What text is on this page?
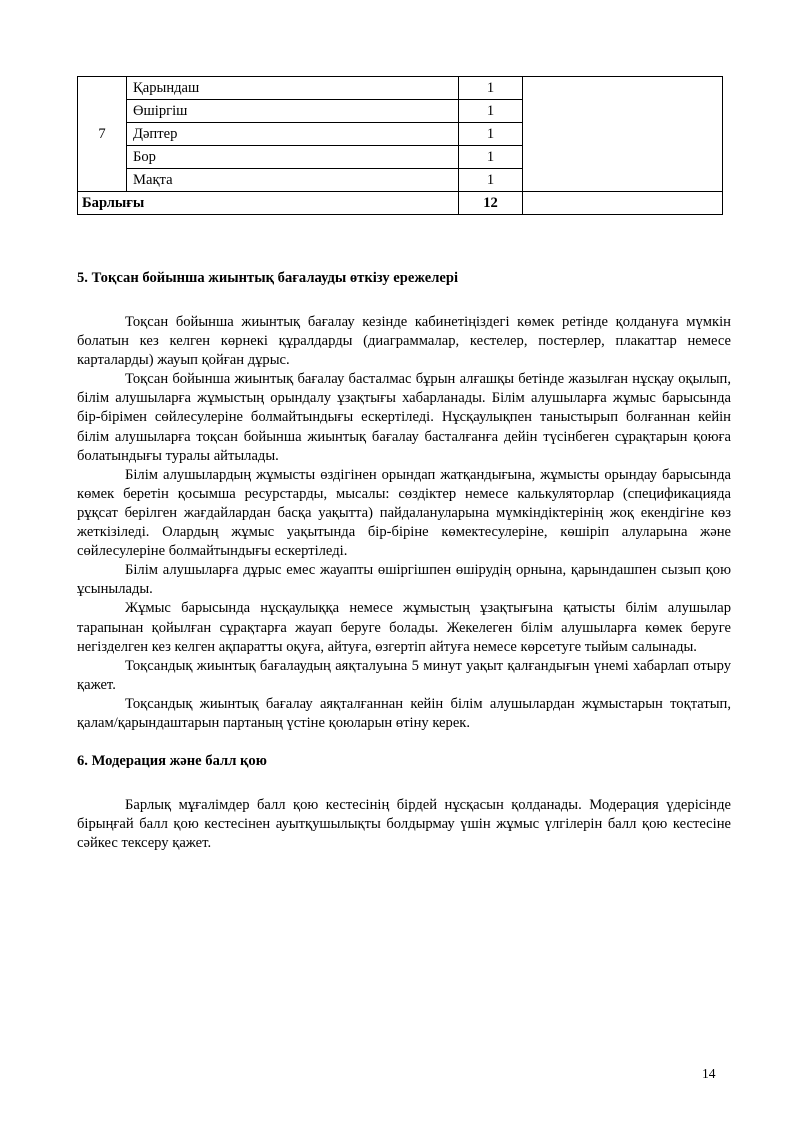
7	Қарындаш	1	
	Өшіргіш	1	
	Дәптер	1	
	Бор	1	
	Мақта	1	
Барлығы		12	

5. Тоқсан бойынша жиынтық бағалауды өткізу ережелері

Тоқсан бойынша жиынтық бағалау кезінде кабинетіңіздегі көмек ретінде қолдануға мүмкін болатын кез келген көрнекі құралдарды (диаграммалар, кестелер, постерлер, плакаттар немесе карталарды) жауып қойған дұрыс.

Тоқсан бойынша жиынтық бағалау басталмас бұрын алғашқы бетінде жазылған нұсқау оқылып, білім алушыларға жұмыстың орындалу ұзақтығы хабарланады. Білім алушыларға жұмыс барысында бір-бірімен сөйлесулеріне болмайтындығы ескертіледі. Нұсқаулықпен таныстырып болғаннан кейін білім алушыларға тоқсан бойынша жиынтық бағалау басталғанға дейін түсінбеген сұрақтарын қоюға болатындығы туралы айтылады.

Білім алушылардың жұмысты өздігінен орындап жатқандығына, жұмысты орындау барысында көмек беретін қосымша ресурстарды, мысалы: сөздіктер немесе калькуляторлар (спецификацияда рұқсат берілген жағдайлардан басқа уақытта) пайдалануларына мүмкіндіктерінің жоқ екендігіне көз жеткізіледі. Олардың жұмыс уақытында бір-біріне көмектесулеріне, көшіріп алуларына және сөйлесулеріне болмайтындығы ескертіледі.

Білім алушыларға дұрыс емес жауапты өшіргішпен өшірудің орнына, қарындашпен сызып қою ұсынылады.

Жұмыс барысында нұсқаулыққа немесе жұмыстың ұзақтығына қатысты білім алушылар тарапынан қойылған сұрақтарға жауап беруге болады. Жекелеген білім алушыларға көмек беруге негізделген кез келген ақпаратты оқуға, айтуға, өзгертіп айтуға немесе көрсетуге тыйым салынады.

Тоқсандық жиынтық бағалаудың аяқталуына 5 минут уақыт қалғандығын үнемі хабарлап отыру қажет.

Тоқсандық жиынтық бағалау аяқталғаннан кейін білім алушылардан жұмыстарын тоқтатып, қалам/қарындаштарын партаның үстіне қоюларын өтіну керек.

6. Модерация және балл қою

Барлық мұғалімдер балл қою кестесінің бірдей нұсқасын қолданады. Модерация үдерісінде бірыңғай балл қою кестесінен ауытқушылықты болдырмау үшін жұмыс үлгілерін балл қою кестесіне сәйкес тексеру қажет.

14
